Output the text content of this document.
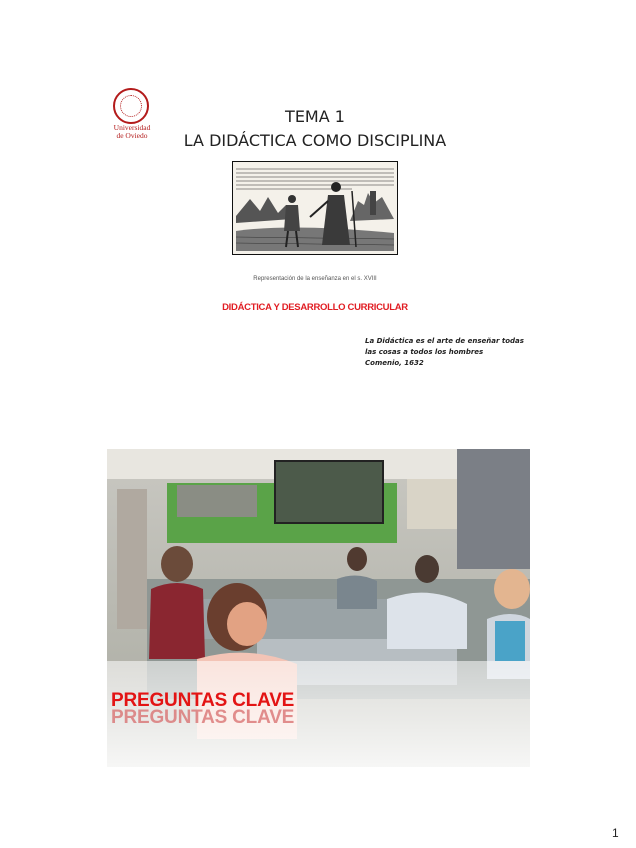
Universidad
de Oviedo
TEMA 1
LA DIDÁCTICA COMO DISCIPLINA
Representación de la enseñanza en el s. XVIII
DIDÁCTICA Y DESARROLLO CURRICULAR
La Didáctica es el arte de enseñar todas
las cosas a todos los hombres
Comenio, 1632
PREGUNTAS CLAVE
PREGUNTAS CLAVE
1
